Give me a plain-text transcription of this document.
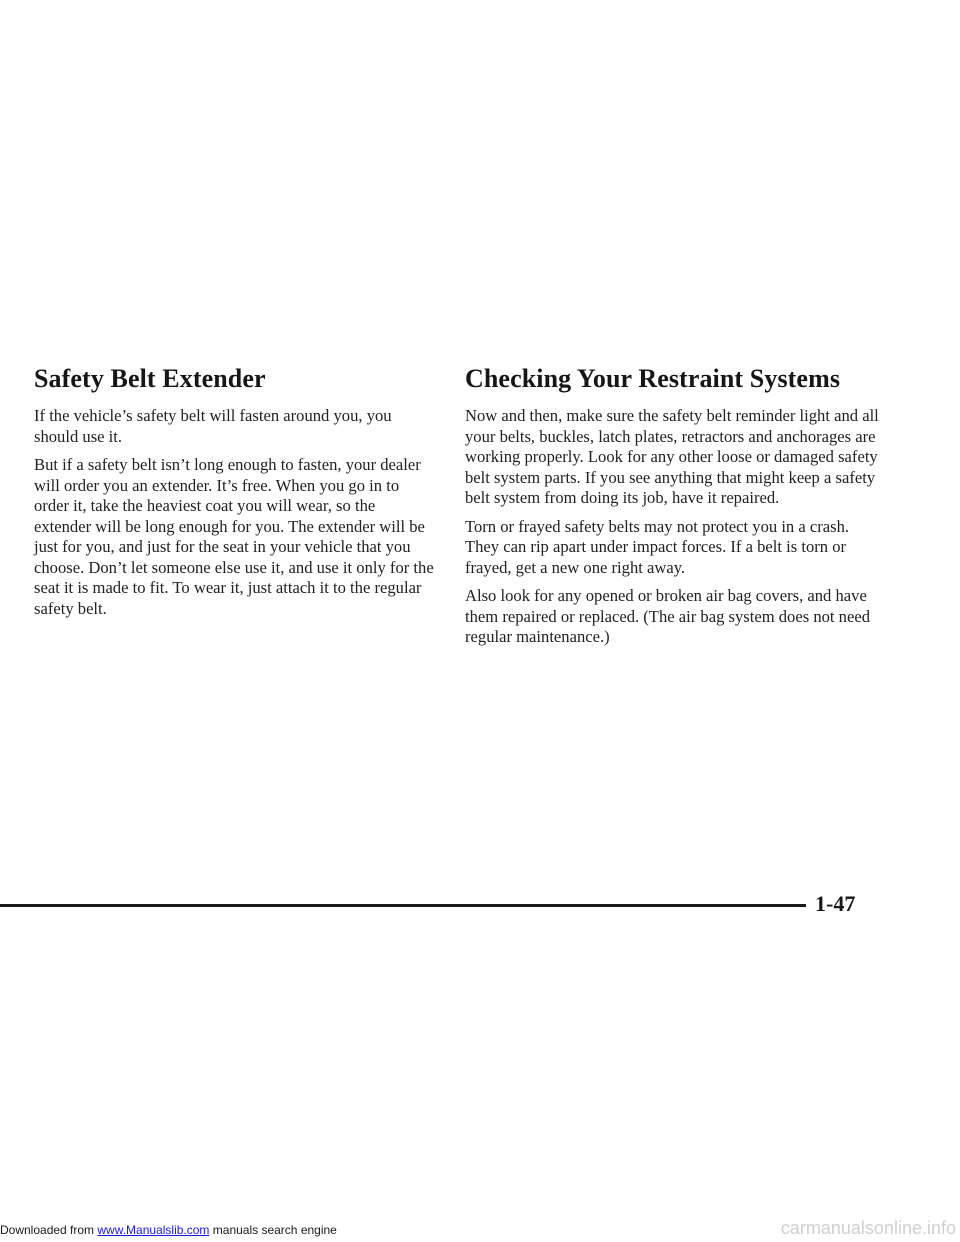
Safety Belt Extender

If the vehicle’s safety belt will fasten around you, you should use it.

But if a safety belt isn’t long enough to fasten, your dealer will order you an extender. It’s free. When you go in to order it, take the heaviest coat you will wear, so the extender will be long enough for you. The extender will be just for you, and just for the seat in your vehicle that you choose. Don’t let someone else use it, and use it only for the seat it is made to fit. To wear it, just attach it to the regular safety belt.

Checking Your Restraint Systems

Now and then, make sure the safety belt reminder light and all your belts, buckles, latch plates, retractors and anchorages are working properly. Look for any other loose or damaged safety belt system parts. If you see anything that might keep a safety belt system from doing its job, have it repaired.

Torn or frayed safety belts may not protect you in a crash. They can rip apart under impact forces. If a belt is torn or frayed, get a new one right away.

Also look for any opened or broken air bag covers, and have them repaired or replaced. (The air bag system does not need regular maintenance.)

1-47
Downloaded from www.Manualslib.com manuals search engine	carmanualsonline.info
